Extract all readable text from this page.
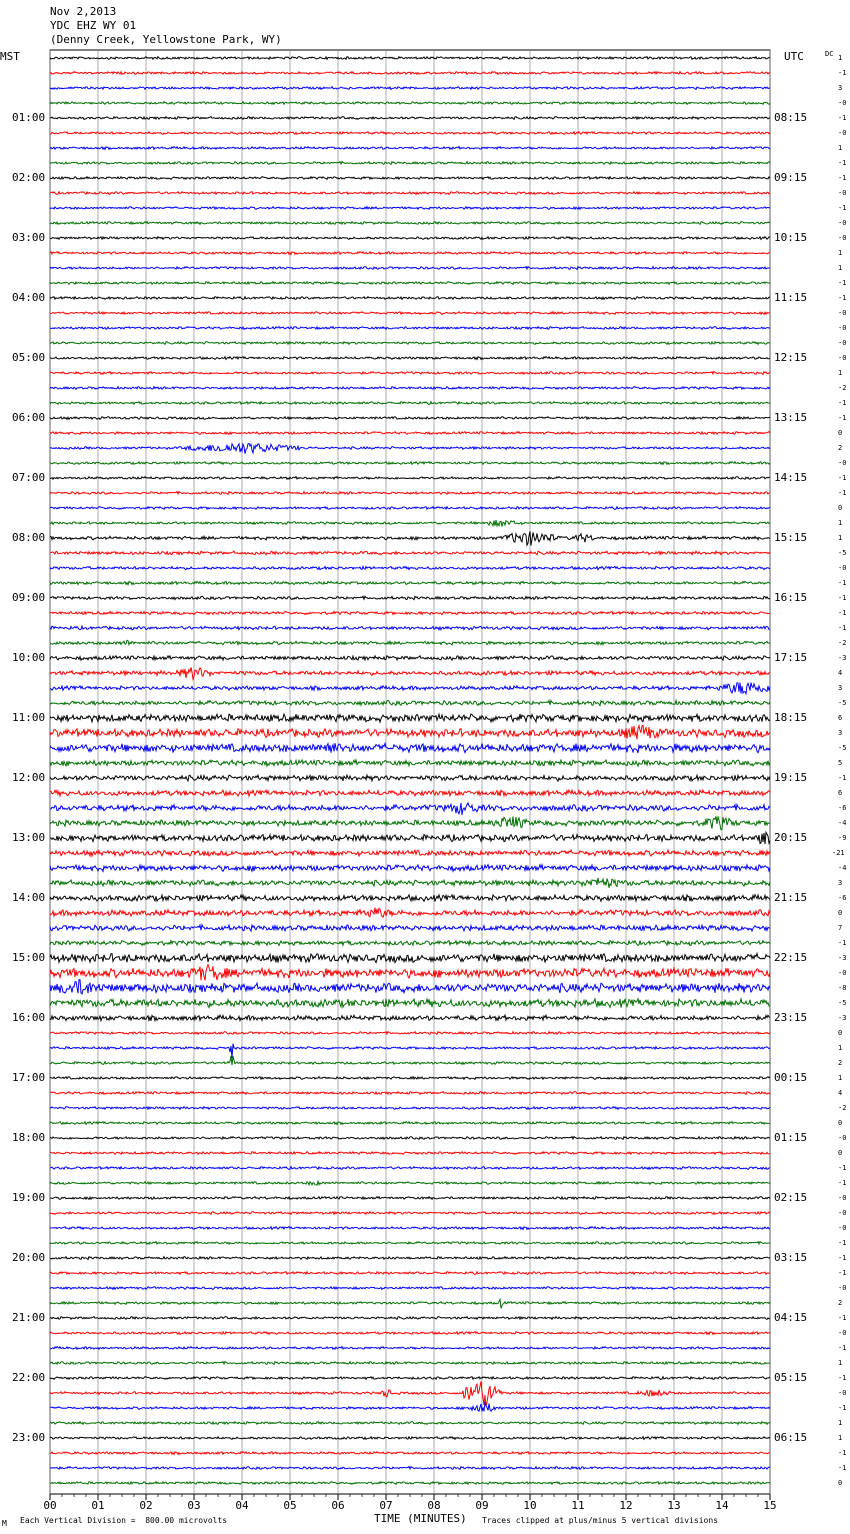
Nov 2,2013
YDC EHZ WY 01
(Denny Creek, Yellowstone Park, WY)
MST	UTC	DC
00	01	02	03	04	05	06	07	08	09	10	11	12	13	14	15
01:00	08:15
02:00	09:15
03:00	10:15
04:00	11:15
05:00	12:15
06:00	13:15
07:00	14:15
08:00	15:15
09:00	16:15
10:00	17:15
11:00	18:15
12:00	19:15
13:00	20:15
14:00	21:15
15:00	22:15
16:00	23:15
17:00	00:15
18:00	01:15
19:00	02:15
20:00	03:15
21:00	04:15
22:00	05:15
23:00	06:15
1
-1
3
-0
-1
-0
1
-1
-1
-0
-1
-0
-0
1
1
-1
-1
-0
-0
-0
-0
1
-2
-1
-1
0
2
-0
-1
-1
0
1
1
-5
-0
-1
-1
-1
-1
-2
-3
4
3
-5
6
3
-5
5
-1
6
-6
-4
-9
-21
-4
3
-6
0
7
-1
-3
-0
-8
-5
-3
0
1
2
1
4
-2
0
-0
0
-1
-1
-0
-0
-0
-1
-1
-1
-0
2
-1
-0
-1
1
-1
-0
-1
1
1
-1
-1
0
M Each Vertical Division =  800.00 microvolts	TIME (MINUTES) Traces clipped at plus/minus 5 vertical divisions
